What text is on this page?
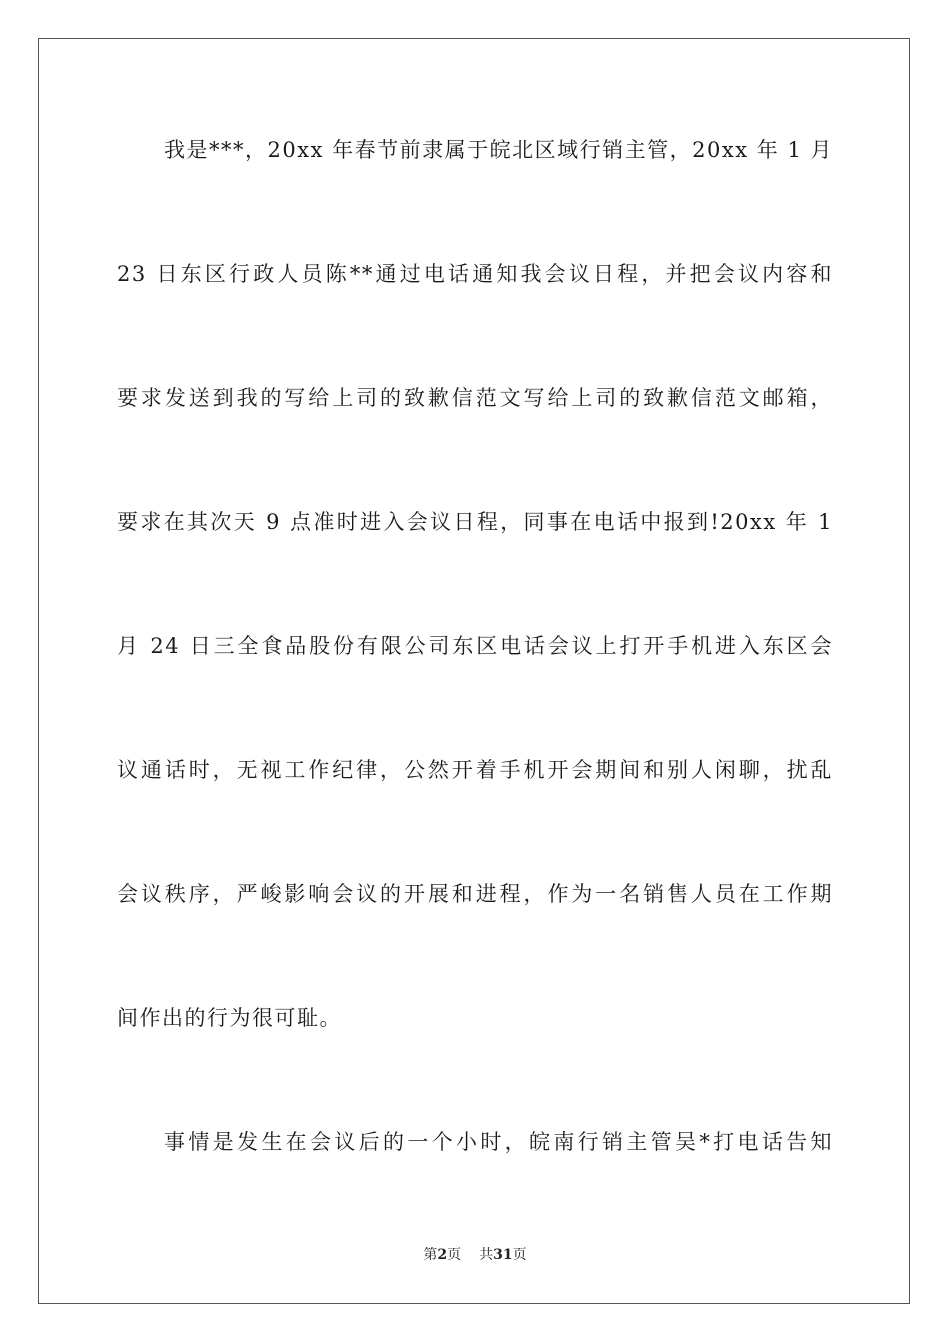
我是***，20xx 年春节前隶属于皖北区域行销主管，20xx 年 1 月
23 日东区行政人员陈**通过电话通知我会议日程，并把会议内容和
要求发送到我的写给上司的致歉信范文写给上司的致歉信范文邮箱，
要求在其次天 9 点准时进入会议日程，同事在电话中报到!20xx 年 1
月 24 日三全食品股份有限公司东区电话会议上打开手机进入东区会
议通话时，无视工作纪律，公然开着手机开会期间和别人闲聊，扰乱
会议秩序，严峻影响会议的开展和进程，作为一名销售人员在工作期
间作出的行为很可耻。
事情是发生在会议后的一个小时，皖南行销主管吴*打电话告知
第2页 共31页
